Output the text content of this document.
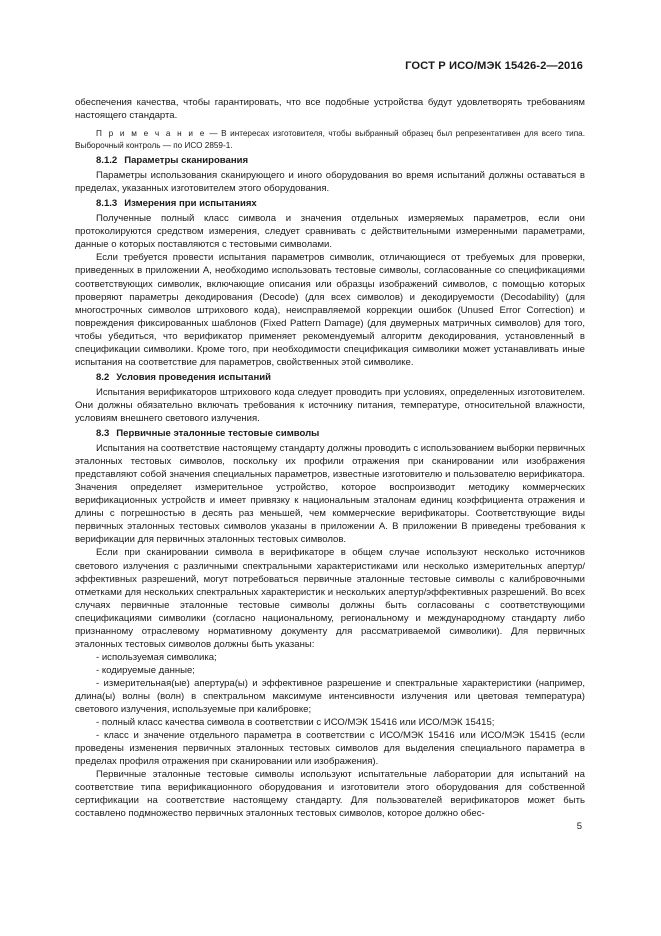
ГОСТ Р ИСО/МЭК 15426-2—2016

обеспечения качества, чтобы гарантировать, что все подобные устройства будут удовлетворять требованиям настоящего стандарта.

П р и м е ч а н и е — В интересах изготовителя, чтобы выбранный образец был репрезентативен для всего типа. Выборочный контроль — по ИСО 2859-1.

8.1.2 Параметры сканирования

Параметры использования сканирующего и иного оборудования во время испытаний должны оставаться в пределах, указанных изготовителем этого оборудования.

8.1.3 Измерения при испытаниях

Полученные полный класс символа и значения отдельных измеряемых параметров, если они протоколируются средством измерения, следует сравнивать с действительными измеренными параметрами, данные о которых поставляются с тестовыми символами.

Если требуется провести испытания параметров символик, отличающиеся от требуемых для проверки, приведенных в приложении А, необходимо использовать тестовые символы, согласованные со спецификациями соответствующих символик, включающие описания или образцы изображений символов, с помощью которых проверяют параметры декодирования (Decode) (для всех символов) и декодируемости (Decodability) (для многострочных символов штрихового кода), неисправляемой коррекции ошибок (Unused Error Correction) и повреждения фиксированных шаблонов (Fixed Pattern Damage) (для двумерных матричных символов) для того, чтобы убедиться, что верификатор применяет рекомендуемый алгоритм декодирования, установленный в спецификации символики. Кроме того, при необходимости спецификация символики может устанавливать иные испытания на соответствие для параметров, свойственных этой символике.

8.2 Условия проведения испытаний

Испытания верификаторов штрихового кода следует проводить при условиях, определенных изготовителем. Они должны обязательно включать требования к источнику питания, температуре, относительной влажности, условиям внешнего светового излучения.

8.3 Первичные эталонные тестовые символы

Испытания на соответствие настоящему стандарту должны проводить с использованием выборки первичных эталонных тестовых символов, поскольку их профили отражения при сканировании или изображения представляют собой значения специальных параметров, известные изготовителю и пользователю верификатора. Значения определяет измерительное устройство, которое воспроизводит методику коммерческих верификационных устройств и имеет привязку к национальным эталонам единиц коэффициента отражения и длины с погрешностью в десять раз меньшей, чем коммерческие верификаторы. Соответствующие виды первичных эталонных тестовых символов указаны в приложении А. В приложении В приведены требования к верификации для первичных эталонных тестовых символов.

Если при сканировании символа в верификаторе в общем случае используют несколько источников светового излучения с различными спектральными характеристиками или несколько измерительных апертур/эффективных разрешений, могут потребоваться первичные эталонные тестовые символы с калибровочными отметками для нескольких спектральных характеристик и нескольких апертур/эффективных разрешений. Во всех случаях первичные эталонные тестовые символы должны быть согласованы с соответствующими спецификациями символики (согласно национальному, региональному и международному стандарту либо признанному отраслевому нормативному документу для рассматриваемой символики). Для первичных эталонных тестовых символов должны быть указаны:

- используемая символика;

- кодируемые данные;

- измерительная(ые) апертура(ы) и эффективное разрешение и спектральные характеристики (например, длина(ы) волны (волн) в спектральном максимуме интенсивности излучения или цветовая температура) светового излучения, используемые при калибровке;

- полный класс качества символа в соответствии с ИСО/МЭК 15416 или ИСО/МЭК 15415;

- класс и значение отдельного параметра в соответствии с ИСО/МЭК 15416 или ИСО/МЭК 15415 (если проведены изменения первичных эталонных тестовых символов для выделения специального параметра в пределах профиля отражения при сканировании или изображения).

Первичные эталонные тестовые символы используют испытательные лаборатории для испытаний на соответствие типа верификационного оборудования и изготовители этого оборудования для собственной сертификации на соответствие настоящему стандарту. Для пользователей верификаторов может быть составлено подмножество первичных эталонных тестовых символов, которое должно обес-

5
